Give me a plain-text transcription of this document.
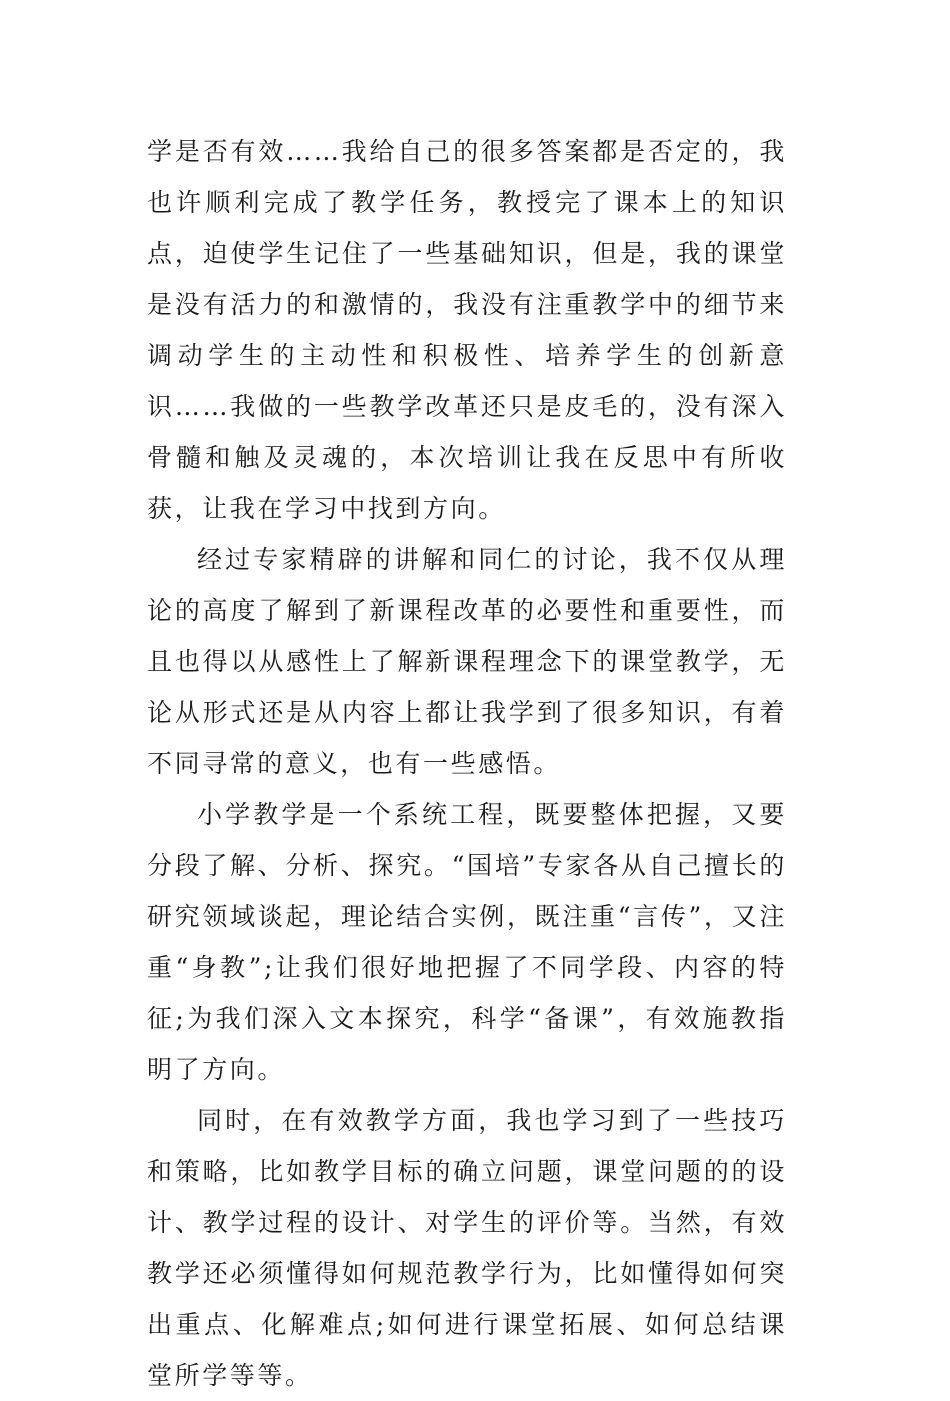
学是否有效……我给自己的很多答案都是否定的，我也许顺利完成了教学任务，教授完了课本上的知识点，迫使学生记住了一些基础知识，但是，我的课堂是没有活力的和激情的，我没有注重教学中的细节来调动学生的主动性和积极性、培养学生的创新意识……我做的一些教学改革还只是皮毛的，没有深入骨髓和触及灵魂的，本次培训让我在反思中有所收获，让我在学习中找到方向。

经过专家精辟的讲解和同仁的讨论，我不仅从理论的高度了解到了新课程改革的必要性和重要性，而且也得以从感性上了解新课程理念下的课堂教学，无论从形式还是从内容上都让我学到了很多知识，有着不同寻常的意义，也有一些感悟。

小学教学是一个系统工程，既要整体把握，又要分段了解、分析、探究。“国培”专家各从自己擅长的研究领域谈起，理论结合实例，既注重“言传”，又注重“身教”;让我们很好地把握了不同学段、内容的特征;为我们深入文本探究，科学“备课”，有效施教指明了方向。

同时，在有效教学方面，我也学习到了一些技巧和策略，比如教学目标的确立问题，课堂问题的的设计、教学过程的设计、对学生的评价等。当然，有效教学还必须懂得如何规范教学行为，比如懂得如何突出重点、化解难点;如何进行课堂拓展、如何总结课堂所学等等。
